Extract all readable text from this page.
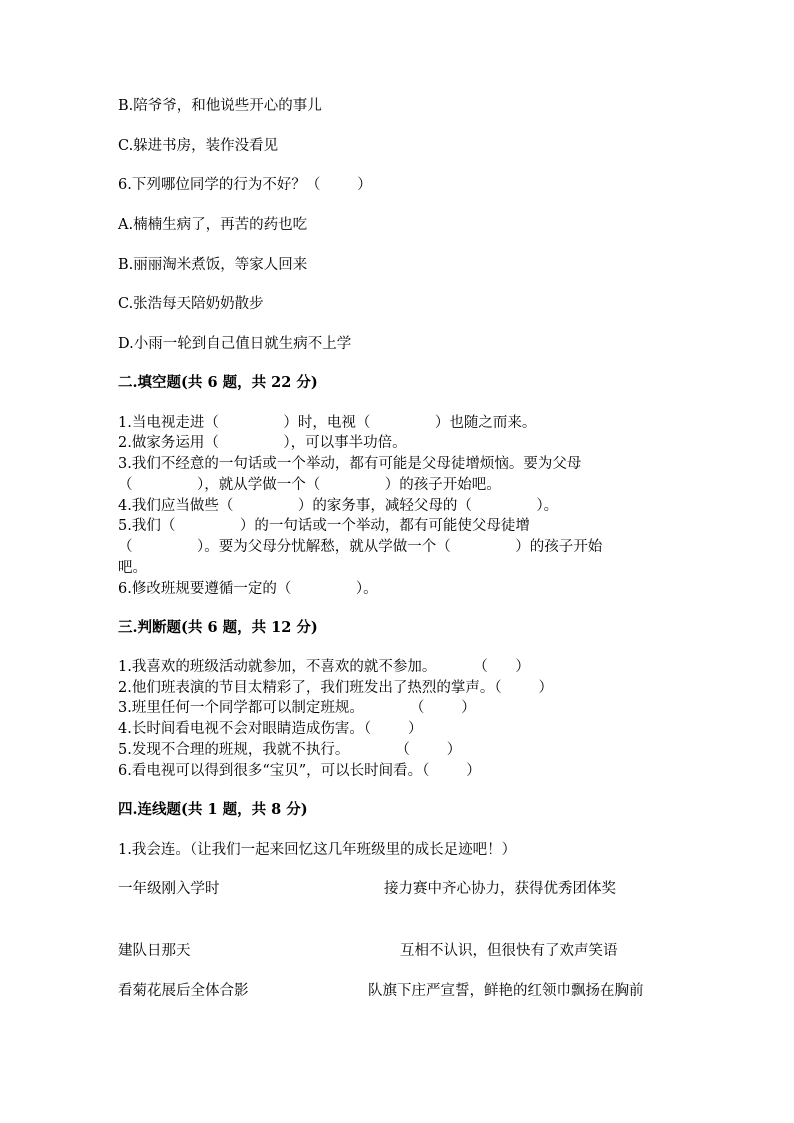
B.陪爷爷，和他说些开心的事儿
C.躲进书房，装作没看见
6.下列哪位同学的行为不好？（        ）
A.楠楠生病了，再苦的药也吃
B.丽丽淘米煮饭，等家人回来
C.张浩每天陪奶奶散步
D.小雨一轮到自己值日就生病不上学
二.填空题(共 6 题，共 22 分)
1.当电视走进（              ）时，电视（              ）也随之而来。
2.做家务运用（              ），可以事半功倍。
3.我们不经意的一句话或一个举动，都有可能是父母徒增烦恼。要为父母
（              ），就从学做一个（              ）的孩子开始吧。
4.我们应当做些（              ）的家务事，减轻父母的（              ）。
5.我们（              ）的一句话或一个举动，都有可能使父母徒增
（              ）。要为父母分忧解愁，就从学做一个（              ）的孩子开始
吧。
6.修改班规要遵循一定的（              ）。
三.判断题(共 6 题，共 12 分)
1.我喜欢的班级活动就参加，不喜欢的就不参加。        （      ）
2.他们班表演的节目太精彩了，我们班发出了热烈的掌声。（        ）
3.班里任何一个同学都可以制定班规。          （        ）
4.长时间看电视不会对眼睛造成伤害。（        ）
5.发现不合理的班规，我就不执行。          （        ）
6.看电视可以得到很多“宝贝”，可以长时间看。（        ）
四.连线题(共 1 题，共 8 分)
1.我会连。（让我们一起来回忆这几年班级里的成长足迹吧！）
一年级刚入学时	接力赛中齐心协力，获得优秀团体奖
建队日那天	互相不认识，但很快有了欢声笑语
看菊花展后全体合影	队旗下庄严宣誓，鲜艳的红领巾飘扬在胸前
